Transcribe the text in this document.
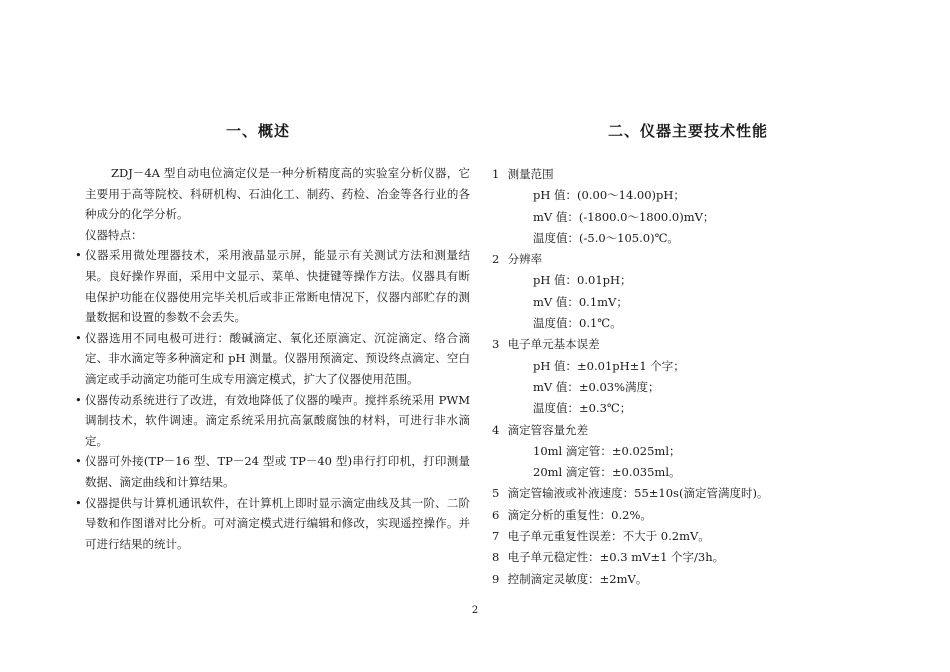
一、概述	二、仪器主要技术性能

ZDJ－4A 型自动电位滴定仪是一种分析精度高的实验室分析仪器，它主要用于高等院校、科研机构、石油化工、制药、药检、冶金等各行业的各种成分的化学分析。

仪器特点：

• 仪器采用微处理器技术，采用液晶显示屏，能显示有关测试方法和测量结果。良好操作界面，采用中文显示、菜单、快捷键等操作方法。仪器具有断电保护功能在仪器使用完毕关机后或非正常断电情况下，仪器内部贮存的测量数据和设置的参数不会丢失。

• 仪器选用不同电极可进行：酸碱滴定、氧化还原滴定、沉淀滴定、络合滴定、非水滴定等多种滴定和 pH 测量。仪器用预滴定、预设终点滴定、空白滴定或手动滴定功能可生成专用滴定模式，扩大了仪器使用范围。

• 仪器传动系统进行了改进，有效地降低了仪器的噪声。搅拌系统采用 PWM 调制技术，软件调速。滴定系统采用抗高氯酸腐蚀的材料，可进行非水滴定。

• 仪器可外接(TP－16 型、TP－24 型或 TP－40 型)串行打印机，打印测量数据、滴定曲线和计算结果。

• 仪器提供与计算机通讯软件，在计算机上即时显示滴定曲线及其一阶、二阶导数和作图谱对比分析。可对滴定模式进行编辑和修改，实现遥控操作。并可进行结果的统计。

1 测量范围

pH 值：(0.00～14.00)pH；

mV 值：(-1800.0～1800.0)mV；

温度值：(-5.0～105.0)℃。

2 分辨率

pH 值：0.01pH；

mV 值：0.1mV；

温度值：0.1℃。

3 电子单元基本误差

pH 值：±0.01pH±1 个字；

mV 值：±0.03%满度；

温度值：±0.3℃；

4 滴定管容量允差

10ml 滴定管：±0.025ml；

20ml 滴定管：±0.035ml。

5 滴定管输液或补液速度：55±10s(滴定管满度时)。

6 滴定分析的重复性：0.2%。

7 电子单元重复性误差：不大于 0.2mV。

8 电子单元稳定性：±0.3 mV±1 个字/3h。

9 控制滴定灵敏度：±2mV。

2
